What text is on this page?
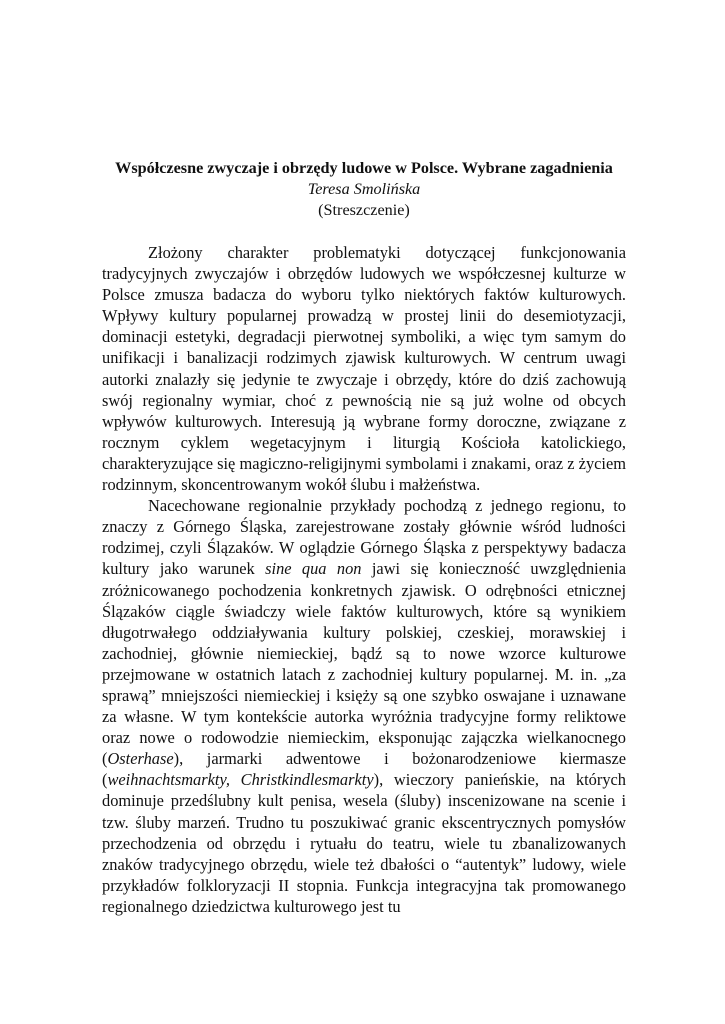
Współczesne zwyczaje i obrzędy ludowe w Polsce. Wybrane zagadnienia
Teresa Smolińska
(Streszczenie)

Złożony charakter problematyki dotyczącej funkcjonowania tradycyjnych zwyczajów i obrzędów ludowych we współczesnej kulturze w Polsce zmusza badacza do wyboru tylko niektórych faktów kulturowych. Wpływy kultury popularnej prowadzą w prostej linii do desemiotyzacji, dominacji estetyki, degradacji pierwotnej symboliki, a więc tym samym do unifikacji i banalizacji rodzimych zjawisk kulturowych. W centrum uwagi autorki znalazły się jedynie te zwyczaje i obrzędy, które do dziś zachowują swój regionalny wymiar, choć z pewnością nie są już wolne od obcych wpływów kulturowych. Interesują ją wybrane formy doroczne, związane z rocznym cyklem wegetacyjnym i liturgią Kościoła katolickiego, charakteryzujące się magiczno-religijnymi symbolami i znakami, oraz z życiem rodzinnym, skoncentrowanym wokół ślubu i małżeństwa.

Nacechowane regionalnie przykłady pochodzą z jednego regionu, to znaczy z Górnego Śląska, zarejestrowane zostały głównie wśród ludności rodzimej, czyli Ślązaków. W oglądzie Górnego Śląska z perspektywy badacza kultury jako warunek sine qua non jawi się konieczność uwzględnienia zróżnicowanego pochodzenia konkretnych zjawisk. O odrębności etnicznej Ślązaków ciągle świadczy wiele faktów kulturowych, które są wynikiem długotrwałego oddziaływania kultury polskiej, czeskiej, morawskiej i zachodniej, głównie niemieckiej, bądź są to nowe wzorce kulturowe przejmowane w ostatnich latach z zachodniej kultury popularnej. M. in. „za sprawą” mniejszości niemieckiej i księży są one szybko oswajane i uznawane za własne. W tym kontekście autorka wyróżnia tradycyjne formy reliktowe oraz nowe o rodowodzie niemieckim, eksponując zajączka wielkanocnego (Osterhase), jarmarki adwentowe i bożonarodzeniowe kiermasze (weihnachtsmarkty, Christkindlesmarkty), wieczory panieńskie, na których dominuje przedślubny kult penisa, wesela (śluby) inscenizowane na scenie i tzw. śluby marzeń. Trudno tu poszukiwać granic ekscentrycznych pomysłów przechodzenia od obrzędu i rytuału do teatru, wiele tu zbanalizowanych znaków tradycyjnego obrzędu, wiele też dbałości o “autentyk” ludowy, wiele przykładów folkloryzacji II stopnia. Funkcja integracyjna tak promowanego regionalnego dziedzictwa kulturowego jest tu
